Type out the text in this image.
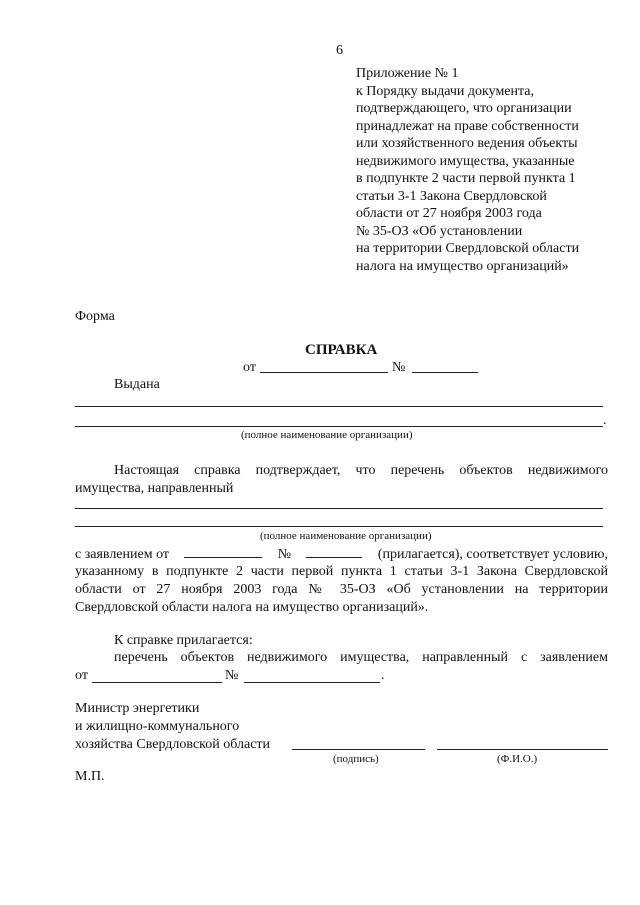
6
Приложение № 1
к Порядку выдачи документа,
подтверждающего, что организации
принадлежат на праве собственности
или хозяйственного ведения объекты
недвижимого имущества, указанные
в подпункте 2 части первой пункта 1
статьи 3-1 Закона Свердловской
области от 27 ноября 2003 года
№ 35-ОЗ «Об установлении
на территории Свердловской области
налога на имущество организаций»
Форма
СПРАВКА
от	№
Выдана
.
(полное наименование организации)
Настоящая справка подтверждает, что перечень объектов недвижимого
имущества, направленный
(полное наименование организации)
с заявлением от	№	(прилагается), соответствует условию,
указанному в подпункте 2 части первой пункта 1 статьи 3-1 Закона Свердловской
области от 27 ноября 2003 года № 35-ОЗ «Об установлении на территории
Свердловской области налога на имущество организаций».
К справке прилагается:
перечень объектов недвижимого имущества, направленный с заявлением
от	№	.
Министр энергетики
и жилищно-коммунального
хозяйства Свердловской области
(подпись)	(Ф.И.О.)
М.П.
